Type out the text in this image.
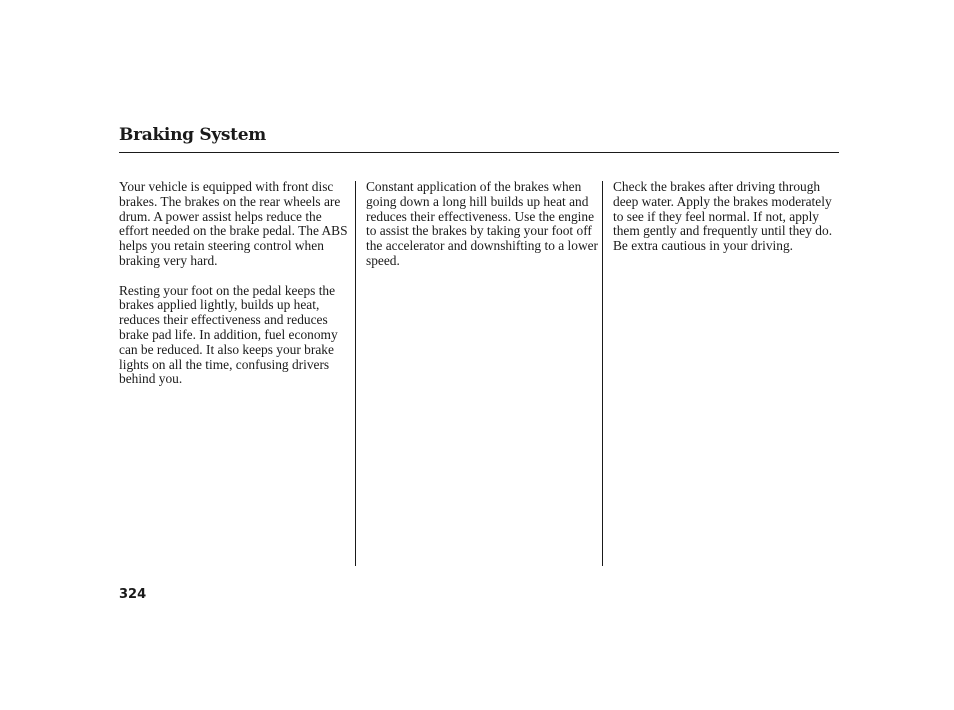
Braking System

Your vehicle is equipped with front disc brakes. The brakes on the rear wheels are drum. A power assist helps reduce the effort needed on the brake pedal. The ABS helps you retain steering control when braking very hard.

Resting your foot on the pedal keeps the brakes applied lightly, builds up heat, reduces their effectiveness and reduces brake pad life. In addition, fuel economy can be reduced. It also keeps your brake lights on all the time, confusing drivers behind you.

Constant application of the brakes when going down a long hill builds up heat and reduces their effectiveness. Use the engine to assist the brakes by taking your foot off the accelerator and downshifting to a lower speed.

Check the brakes after driving through deep water. Apply the brakes moderately to see if they feel normal. If not, apply them gently and frequently until they do. Be extra cautious in your driving.

324
